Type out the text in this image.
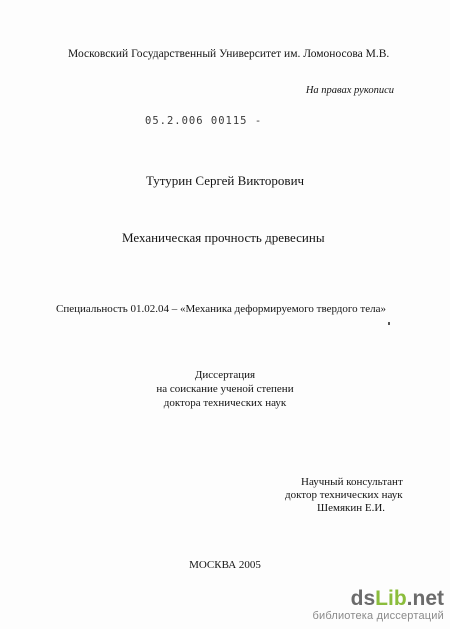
Московский Государственный Университет им. Ломоносова М.В.
На правах рукописи
05.2.006 00115 -
Тутурин Сергей Викторович
Механическая прочность древесины
Специальность 01.02.04 – «Механика деформируемого твердого тела»
Диссертация
на соискание ученой степени
доктора технических наук
Научный консультант
доктор технических наук
Шемякин Е.И.
МОСКВА 2005
dsLib.net
библиотека диссертаций
